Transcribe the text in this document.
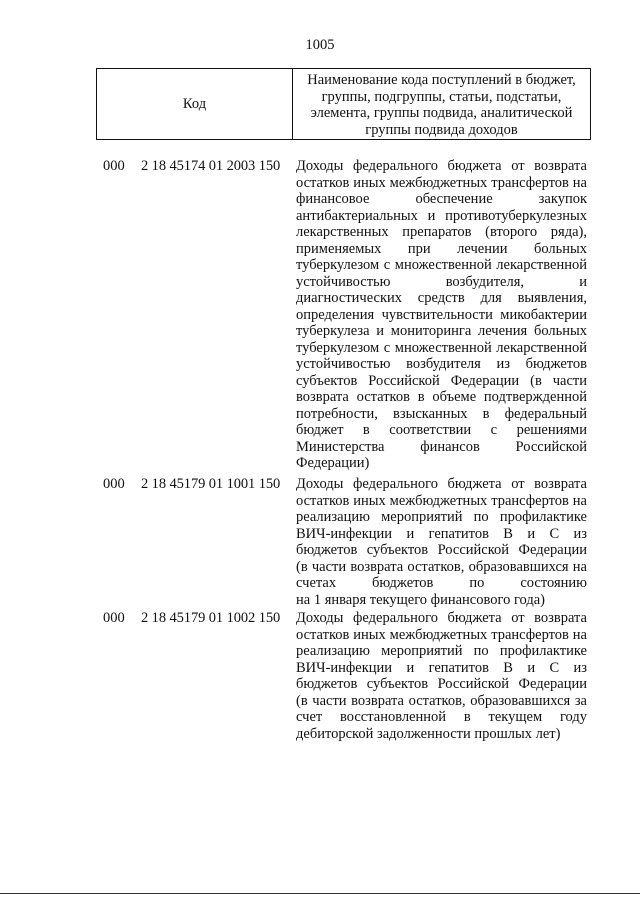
1005
Код
Наименование кода поступлений в бюджет,
группы, подгруппы, статьи, подстатьи,
элемента, группы подвида, аналитической
группы подвида доходов
000 2 18 45174 01 2003 150 Доходы федерального бюджета от возврата
остатков иных межбюджетных трансфертов на
финансовое обеспечение закупок
антибактериальных и противотуберкулезных
лекарственных препаратов (второго ряда),
применяемых при лечении больных
туберкулезом с множественной лекарственной
устойчивостью возбудителя, и
диагностических средств для выявления,
определения чувствительности микобактерии
туберкулеза и мониторинга лечения больных
туберкулезом с множественной лекарственной
устойчивостью возбудителя из бюджетов
субъектов Российской Федерации (в части
возврата остатков в объеме подтвержденной
потребности, взысканных в федеральный
бюджет в соответствии с решениями
Министерства финансов Российской
Федерации)
000 2 18 45179 01 1001 150 Доходы федерального бюджета от возврата
остатков иных межбюджетных трансфертов на
реализацию мероприятий по профилактике
ВИЧ-инфекции и гепатитов В и С из
бюджетов субъектов Российской Федерации
(в части возврата остатков, образовавшихся на
счетах бюджетов по состоянию
на 1 января текущего финансового года)
000 2 18 45179 01 1002 150 Доходы федерального бюджета от возврата
остатков иных межбюджетных трансфертов на
реализацию мероприятий по профилактике
ВИЧ-инфекции и гепатитов В и С из
бюджетов субъектов Российской Федерации
(в части возврата остатков, образовавшихся за
счет восстановленной в текущем году
дебиторской задолженности прошлых лет)
